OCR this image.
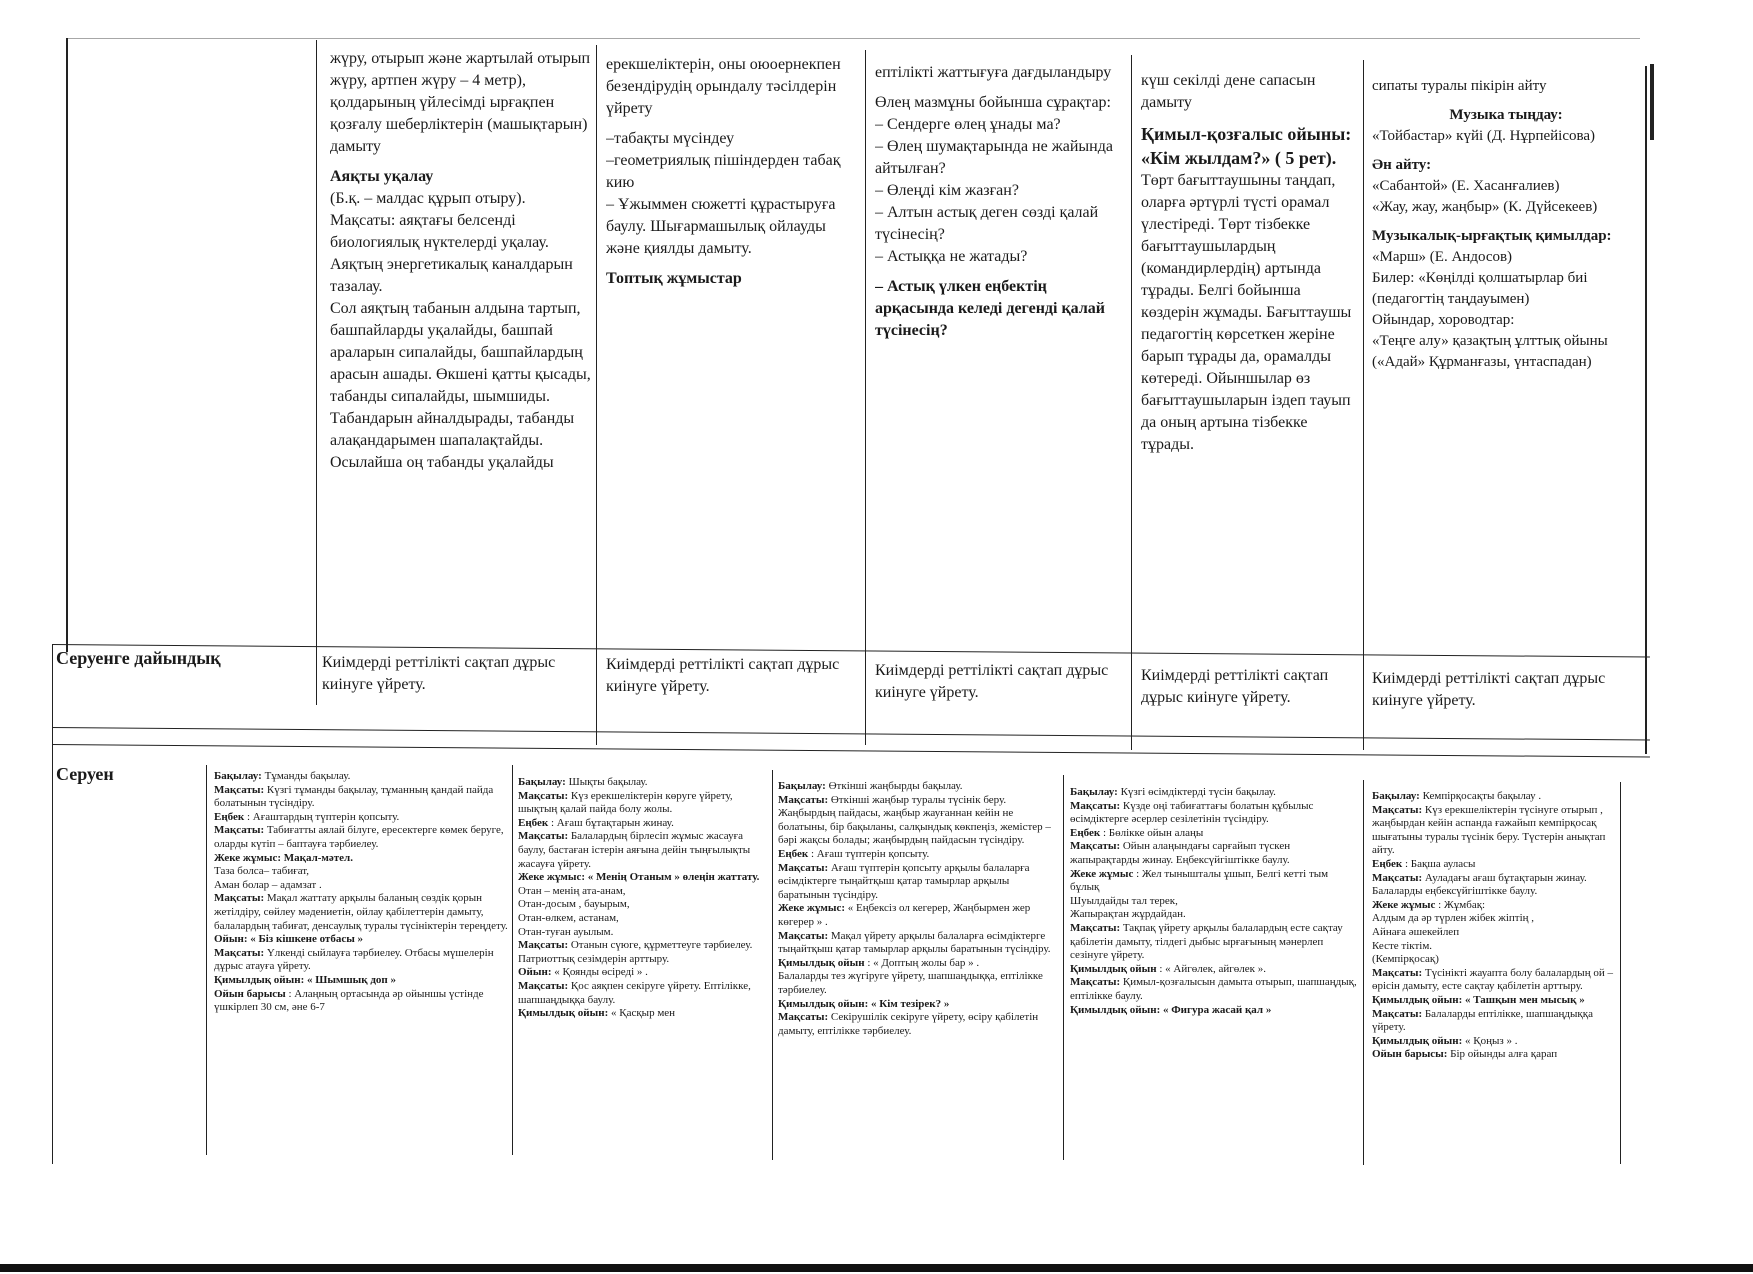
жүру, отырып және жартылай отырып жүру, артпен жүру – 4 метр), қолдарының үйлесімді ырғақпен қозғалу шеберліктерін (машықтарын) дамыту

Аяқты уқалау

(Б.қ. – малдас құрып отыру). Мақсаты: аяқтағы белсенді биологиялық нүктелерді уқалау. Аяқтың энергетикалық каналдарын тазалау.

Сол аяқтың табанын алдына тартып, башпайларды уқалайды, башпай араларын сипалайды, башпайлардың арасын ашады. Өкшені қатты қысады, табанды сипалайды, шымшиды. Табандарын айналдырады, табанды алақандарымен шапалақтайды. Осылайша оң табанды уқалайды

ерекшеліктерін, оны оюоернекпен безендірудің орындалу тәсілдерін үйрету

–табақты мүсіндеу

–геометриялық пішіндерден табақ кию

– Ұжыммен сюжетті құрастыруға баулу. Шығармашылық ойлауды және қиялды дамыту.

Топтық жұмыстар

ептілікті жаттығуға дағдыландыру

Өлең мазмұны бойынша сұрақтар:

– Сендерге өлең ұнады ма?

– Өлең шумақтарында не жайында айтылған?

– Өлеңді кім жазған?

– Алтын астық деген сөзді қалай түсінесің?

– Астыққа не жатады?

– Астық үлкен еңбектің арқасында келеді дегенді қалай түсінесің?

күш секілді дене сапасын дамыту

Қимыл-қозғалыс ойыны: «Кім жылдам?» ( 5 рет).

Төрт бағыттаушыны таңдап, оларға әртүрлі түсті орамал үлестіреді. Төрт тізбекке бағыттаушылардың (командирлердің) артында тұрады. Белгі бойынша көздерін жұмады. Бағыттаушы педагогтің көрсеткен жеріне барып тұрады да, орамалды көтереді. Ойыншылар өз бағыттаушыларын іздеп тауып да оның артына тізбекке тұрады.

сипаты туралы пікірін айту

Музыка тыңдау:

«Тойбастар» күйі (Д. Нұрпейісова)

Ән айту:

«Сабантой» (Е. Хасанғалиев)

«Жау, жау, жаңбыр» (К. Дүйсекеев)

Музыкалық-ырғақтық қимылдар:

«Марш» (Е. Андосов)

Билер: «Көңілді қолшатырлар биі (педагогтің таңдауымен)

Ойындар, хороводтар:

«Теңге алу» қазақтың ұлттық ойыны («Адай» Құрманғазы, үнтаспадан)

Серуенге дайындық	Киімдерді реттілікті сақтап дұрыс киінуге үйрету.
Киімдерді реттілікті сақтап дұрыс киінуге үйрету.
Киімдерді реттілікті сақтап дұрыс киінуге үйрету.
Киімдерді реттілікті сақтап дұрыс киінуге үйрету.
Киімдерді реттілікті сақтап дұрыс киінуге үйрету.
Серуен	Бақылау: Тұманды бақылау.

Мақсаты: Күзгі тұманды бақылау, тұманның қандай пайда болатынын түсіндіру.

Еңбек : Ағаштардың түптерін қопсыту.

Мақсаты: Табиғатты аялай білуге, ересектерге көмек беруге, оларды күтіп – баптауға тәрбиелеу.

Жеке жұмыс: Мақал-мәтел.

Таза болса– табиғат,

Аман болар – адамзат .

Мақсаты: Мақал жаттату арқылы баланың сөздік қорын жетілдіру, сөйлеу мәдениетін, ойлау қабілеттерін дамыту, балалардың табиғат, денсаулық туралы түсініктерін тереңдету.

Ойын: « Біз кішкене отбасы »

Мақсаты: Үлкенді сыйлауға тәрбиелеу. Отбасы мүшелерін дұрыс атауға үйрету.

Қимылдық ойын: « Шымшық доп »

Ойын барысы : Алаңның ортасында әр ойыншы үстінде үшкірлеп 30 см, әне 6-7

Бақылау: Шықты бақылау.

Мақсаты: Күз ерекшеліктерін көруге үйрету, шықтың қалай пайда болу жолы.

Еңбек : Ағаш бұтақтарын жинау.

Мақсаты: Балалардың бірлесіп жұмыс жасауға баулу, бастаған істерін аяғына дейін тыңғылықты жасауға үйрету.

Жеке жұмыс: « Менің Отаным » өлеңін жаттату.

Отан – менің ата-анам,

Отан-досым , бауырым,

Отан-өлкем, астанам,

Отан-туған ауылым.

Мақсаты: Отанын сүюге, құрметтеуге тәрбиелеу. Патриоттық сезімдерін арттыру.

Ойын: « Қоянды өсіреді » .

Мақсаты: Қос аяқпен секіруге үйрету. Ептілікке, шапшаңдыққа баулу.

Қимылдық ойын: « Қасқыр мен

Бақылау: Өткінші жаңбырды бақылау.

Мақсаты: Өткінші жаңбыр туралы түсінік беру. Жаңбырдың пайдасы, жаңбыр жауғаннан кейін не болатыны, бір бақыланы, салқындық көкпеңіз, жемістер – бәрі жақсы болады; жаңбырдың пайдасын түсіндіру.

Еңбек : Ағаш түптерін қопсыту.

Мақсаты: Ағаш түптерін қопсыту арқылы балаларға өсімдіктерге тыңайтқыш қатар тамырлар арқылы баратынын түсіндіру.

Жеке жұмыс: « Еңбексіз ол кегерер, Жаңбырмен жер көгерер » .

Мақсаты: Мақал үйрету арқылы балаларға өсімдіктерге тыңайтқыш қатар тамырлар арқылы баратынын түсіндіру.

Қимылдық ойын : « Доптың жолы бар » .

Балаларды тез жүгіруге үйрету, шапшаңдыққа, ептілікке тәрбиелеу.

Қимылдық ойын: « Кім тезірек? »

Мақсаты: Секірушілік секіруге үйрету, өсіру қабілетін дамыту, ептілікке тәрбиелеу.

Бақылау: Күзгі өсімдіктерді түсін бақылау.

Мақсаты: Күзде оңі табиғаттағы болатын құбылыс өсімдіктерге әсерлер сезілетінін түсіндіру.

Еңбек : Бөлікке ойын алаңы

Мақсаты: Ойын алаңындағы сарғайып түскен жапырақтарды жинау. Еңбексүйгіштікке баулу.

Жеке жұмыс : Жел тынышталы ұшып, Белгі кетті тым бұлық

Шуылдайды тал терек,

Жапырақтан жұрдайдан.

Мақсаты: Тақпақ үйрету арқылы балалардың есте сақтау қабілетін дамыту, тілдегі дыбыс ырғағының мәнерлеп сезінуге үйрету.

Қимылдық ойын : « Айгөлек, айгөлек ».

Мақсаты: Қимыл-қозғалысын дамыта отырып, шапшаңдық, ептілікке баулу.

Қимылдық ойын: « Фигура жасай қал »

Бақылау: Кемпірқосақты бақылау .

Мақсаты: Күз ерекшеліктерін түсінуге отырып , жаңбырдан кейін аспанда ғажайып кемпірқосақ шығатыны туралы түсінік беру. Түстерін анықтап айту.

Еңбек : Бақша ауласы

Мақсаты: Ауладағы ағаш бұтақтарын жинау. Балаларды еңбексүйгіштікке баулу.

Жеке жұмыс : Жұмбақ:

Алдым да әр түрлен жібек жіптің ,

Айнаға әшекейлеп

Кесте тіктім.

(Кемпірқосақ)

Мақсаты: Түсінікті жауапта болу балалардың ой – өрісін дамыту, есте сақтау қабілетін арттыру.

Қимылдық ойын: « Ташқын мен мысық »

Мақсаты: Балаларды ептілікке, шапшаңдыққа үйрету.

Қимылдық ойын: « Қоңыз » .

Ойын барысы: Бір ойынды алға қарап
